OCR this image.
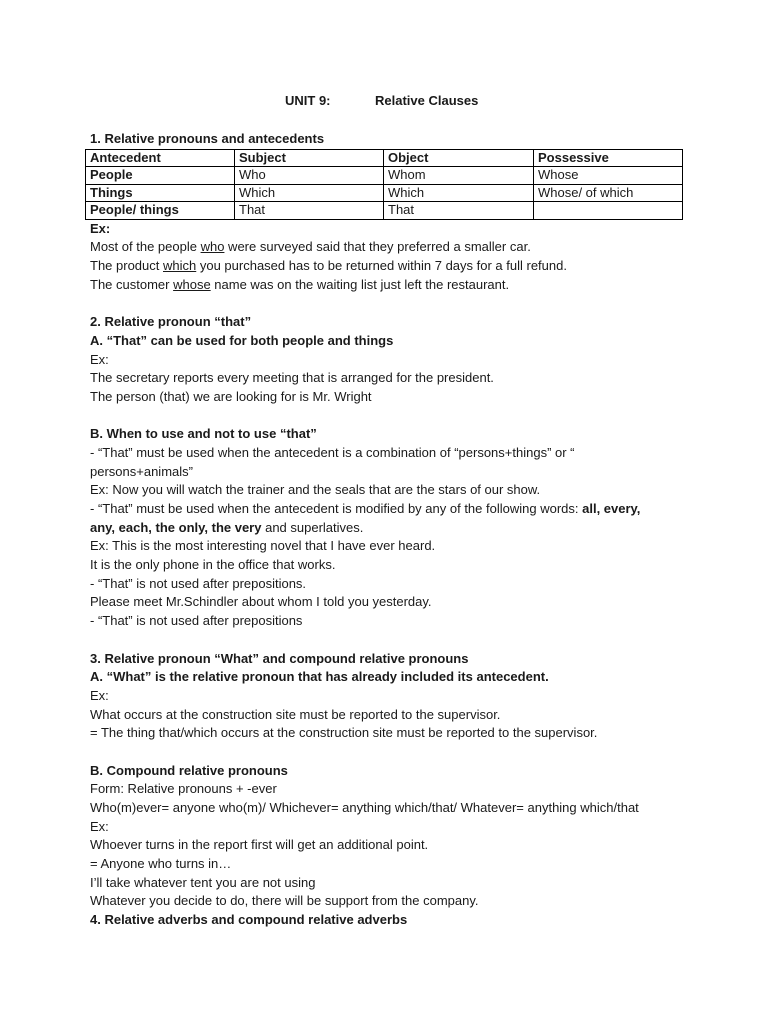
UNIT 9:	Relative Clauses
1. Relative pronouns and antecedents
Antecedent	Subject	Object	Possessive
People	Who	Whom	Whose
Things	Which	Which	Whose/ of which
People/ things	That	That	
Ex:
Most of the people who were surveyed said that they preferred a smaller car.
The product which you purchased has to be returned within 7 days for a full refund.
The customer whose name was on the waiting list just left the restaurant.
2. Relative pronoun “that”
A. “That” can be used for both people and things
Ex:
The secretary reports every meeting that is arranged for the president.
The person (that) we are looking for is Mr. Wright
B. When to use and not to use “that”
- “That” must be used when the antecedent is a combination of “persons+things” or “
persons+animals”
Ex: Now you will watch the trainer and the seals that are the stars of our show.
- “That” must be used when the antecedent is modified by any of the following words: all, every,
any, each, the only, the very and superlatives.
Ex: This is the most interesting novel that I have ever heard.
It is the only phone in the office that works.
- “That” is not used after prepositions.
Please meet Mr.Schindler about whom I told you yesterday.
- “That” is not used after prepositions
3. Relative pronoun “What” and compound relative pronouns
A. “What” is the relative pronoun that has already included its antecedent.
Ex:
What occurs at the construction site must be reported to the supervisor.
= The thing that/which occurs at the construction site must be reported to the supervisor.
B. Compound relative pronouns
Form: Relative pronouns + -ever
Who(m)ever= anyone who(m)/ Whichever= anything which/that/ Whatever= anything which/that
Ex:
Whoever turns in the report first will get an additional point.
= Anyone who turns in…
I’ll take whatever tent you are not using
Whatever you decide to do, there will be support from the company.
4. Relative adverbs and compound relative adverbs
